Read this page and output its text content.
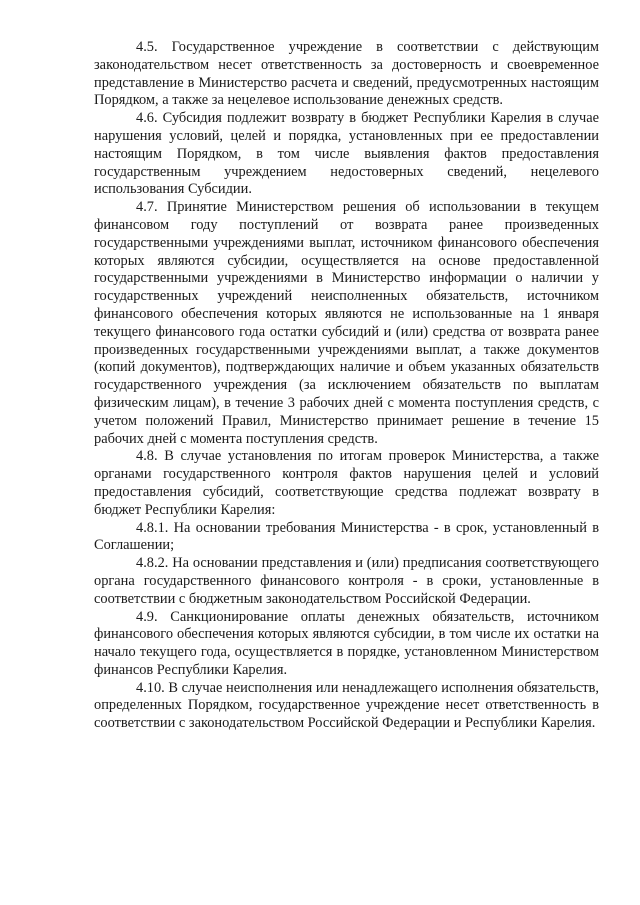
4.5. Государственное учреждение в соответствии с действующим законодательством несет ответственность за достоверность и своевременное представление в Министерство расчета и сведений, предусмотренных настоящим Порядком, а также за нецелевое использование денежных средств.

4.6. Субсидия подлежит возврату в бюджет Республики Карелия в случае нарушения условий, целей и порядка, установленных при ее предоставлении настоящим Порядком, в том числе выявления фактов предоставления государственным учреждением недостоверных сведений, нецелевого использования Субсидии.

4.7. Принятие Министерством решения об использовании в текущем финансовом году поступлений от возврата ранее произведенных государственными учреждениями выплат, источником финансового обеспечения которых являются субсидии, осуществляется на основе предоставленной государственными учреждениями в Министерство информации о наличии у государственных учреждений неисполненных обязательств, источником финансового обеспечения которых являются не использованные на 1 января текущего финансового года остатки субсидий и (или) средства от возврата ранее произведенных государственными учреждениями выплат, а также документов (копий документов), подтверждающих наличие и объем указанных обязательств государственного учреждения (за исключением обязательств по выплатам физическим лицам), в течение 3 рабочих дней с момента поступления средств, с учетом положений Правил, Министерство принимает решение в течение 15 рабочих дней с момента поступления средств.

4.8. В случае установления по итогам проверок Министерства, а также органами государственного контроля фактов нарушения целей и условий предоставления субсидий, соответствующие средства подлежат возврату в бюджет Республики Карелия:

4.8.1. На основании требования Министерства - в срок, установленный в Соглашении;

4.8.2. На основании представления и (или) предписания соответствующего органа государственного финансового контроля - в сроки, установленные в соответствии с бюджетным законодательством Российской Федерации.

4.9. Санкционирование оплаты денежных обязательств, источником финансового обеспечения которых являются субсидии, в том числе их остатки на начало текущего года, осуществляется в порядке, установленном Министерством финансов Республики Карелия.

4.10. В случае неисполнения или ненадлежащего исполнения обязательств, определенных Порядком, государственное учреждение несет ответственность в соответствии с законодательством Российской Федерации и Республики Карелия.
